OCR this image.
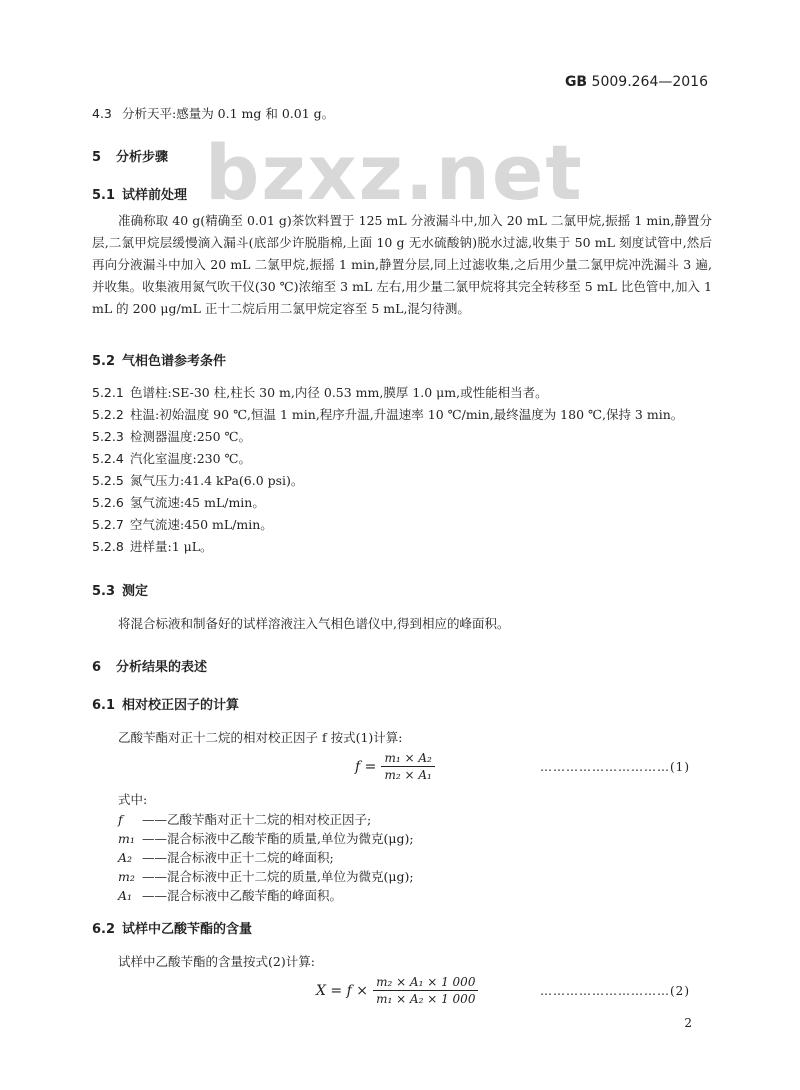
GB 5009.264—2016
bzxz.net
4.3 分析天平:感量为 0.1 mg 和 0.01 g。
5 分析步骤
5.1 试样前处理
准确称取 40 g(精确至 0.01 g)茶饮料置于 125 mL 分液漏斗中,加入 20 mL 二氯甲烷,振摇 1 min,静置分层,二氯甲烷层缓慢滴入漏斗(底部少许脱脂棉,上面 10 g 无水硫酸钠)脱水过滤,收集于 50 mL 刻度试管中,然后再向分液漏斗中加入 20 mL 二氯甲烷,振摇 1 min,静置分层,同上过滤收集,之后用少量二氯甲烷冲洗漏斗 3 遍,并收集。收集液用氮气吹干仪(30 ℃)浓缩至 3 mL 左右,用少量二氯甲烷将其完全转移至 5 mL 比色管中,加入 1 mL 的 200 μg/mL 正十二烷后用二氯甲烷定容至 5 mL,混匀待测。
5.2 气相色谱参考条件
5.2.1 色谱柱:SE-30 柱,柱长 30 m,内径 0.53 mm,膜厚 1.0 μm,或性能相当者。
5.2.2 柱温:初始温度 90 ℃,恒温 1 min,程序升温,升温速率 10 ℃/min,最终温度为 180 ℃,保持 3 min。
5.2.3 检测器温度:250 ℃。
5.2.4 汽化室温度:230 ℃。
5.2.5 氮气压力:41.4 kPa(6.0 psi)。
5.2.6 氢气流速:45 mL/min。
5.2.7 空气流速:450 mL/min。
5.2.8 进样量:1 μL。
5.3 测定
将混合标液和制备好的试样溶液注入气相色谱仪中,得到相应的峰面积。
6 分析结果的表述
6.1 相对校正因子的计算
乙酸苄酯对正十二烷的相对校正因子 f 按式(1)计算:
$f = \frac{\text{m₁ × A₂}}{\text{m₂ × A₁}}$	…………………………(1)
式中:
f ——乙酸苄酯对正十二烷的相对校正因子;
m₁ ——混合标液中乙酸苄酯的质量,单位为微克(μg);
A₂ ——混合标液中正十二烷的峰面积;
m₂ ——混合标液中正十二烷的质量,单位为微克(μg);
A₁ ——混合标液中乙酸苄酯的峰面积。
6.2 试样中乙酸苄酯的含量
试样中乙酸苄酯的含量按式(2)计算:
$X = f \times \frac{\text{m₂ × A₁ × 1 000}}{\text{m₁ × A₂ × 1 000}}$	…………………………(2)
2
